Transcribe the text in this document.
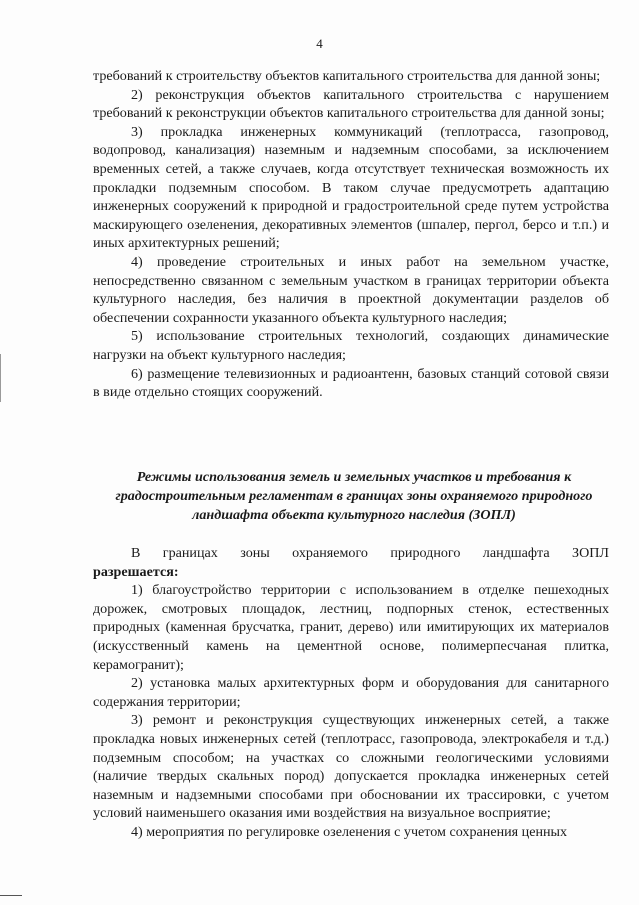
4

требований к строительству объектов капитального строительства для данной зоны;

2) реконструкция объектов капитального строительства с нарушением требований к реконструкции объектов капитального строительства для данной зоны;

3) прокладка инженерных коммуникаций (теплотрасса, газопровод, водопровод, канализация) наземным и надземным способами, за исключением временных сетей, а также случаев, когда отсутствует техническая возможность их прокладки подземным способом. В таком случае предусмотреть адаптацию инженерных сооружений к природной и градостроительной среде путем устройства маскирующего озеленения, декоративных элементов (шпалер, пергол, берсо и т.п.) и иных архитектурных решений;

4) проведение строительных и иных работ на земельном участке, непосредственно связанном с земельным участком в границах территории объекта культурного наследия, без наличия в проектной документации разделов об обеспечении сохранности указанного объекта культурного наследия;

5) использование строительных технологий, создающих динамические нагрузки на объект культурного наследия;

6) размещение телевизионных и радиоантенн, базовых станций сотовой связи в виде отдельно стоящих сооружений.

Режимы использования земель и земельных участков и требования к градостроительным регламентам в границах зоны охраняемого природного ландшафта объекта культурного наследия (ЗОПЛ)

В границах зоны охраняемого природного ландшафта ЗОПЛ

разрешается:

1) благоустройство территории с использованием в отделке пешеходных дорожек, смотровых площадок, лестниц, подпорных стенок, естественных природных (каменная брусчатка, гранит, дерево) или имитирующих их материалов (искусственный камень на цементной основе, полимерпесчаная плитка, керамогранит);

2) установка малых архитектурных форм и оборудования для санитарного содержания территории;

3) ремонт и реконструкция существующих инженерных сетей, а также прокладка новых инженерных сетей (теплотрасс, газопровода, электрокабеля и т.д.) подземным способом; на участках со сложными геологическими условиями (наличие твердых скальных пород) допускается прокладка инженерных сетей наземным и надземными способами при обосновании их трассировки, с учетом условий наименьшего оказания ими воздействия на визуальное восприятие;

4) мероприятия по регулировке озеленения с учетом сохранения ценных
